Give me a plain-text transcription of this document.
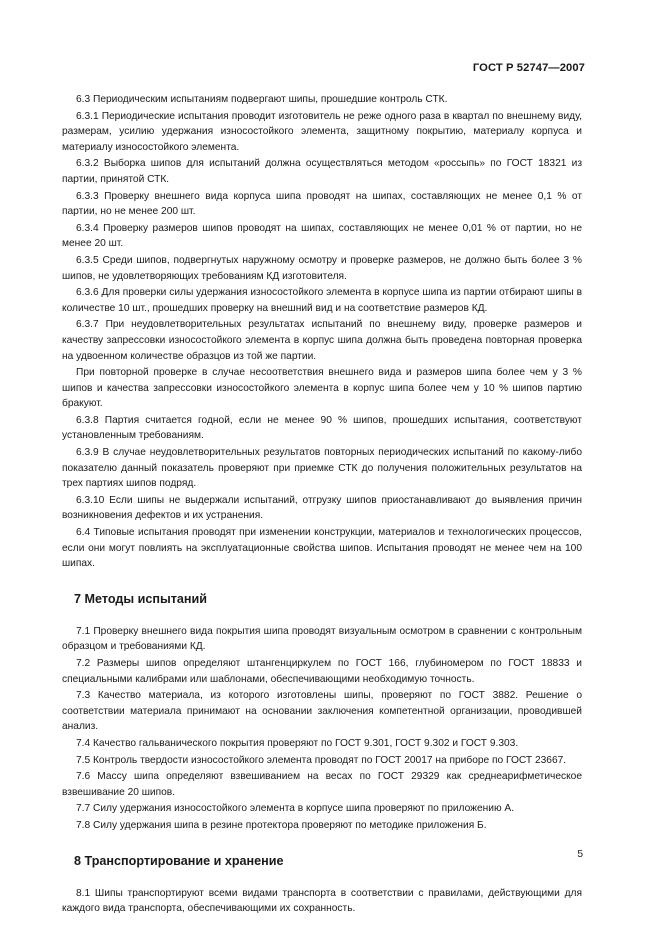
ГОСТ Р 52747—2007

6.3 Периодическим испытаниям подвергают шипы, прошедшие контроль СТК.

6.3.1 Периодические испытания проводит изготовитель не реже одного раза в квартал по внешнему виду, размерам, усилию удержания износостойкого элемента, защитному покрытию, материалу корпуса и материалу износостойкого элемента.

6.3.2 Выборка шипов для испытаний должна осуществляться методом «россыпь» по ГОСТ 18321 из партии, принятой СТК.

6.3.3 Проверку внешнего вида корпуса шипа проводят на шипах, составляющих не менее 0,1 % от партии, но не менее 200 шт.

6.3.4 Проверку размеров шипов проводят на шипах, составляющих не менее 0,01 % от партии, но не менее 20 шт.

6.3.5 Среди шипов, подвергнутых наружному осмотру и проверке размеров, не должно быть более 3 % шипов, не удовлетворяющих требованиям КД изготовителя.

6.3.6 Для проверки силы удержания износостойкого элемента в корпусе шипа из партии отбирают шипы в количестве 10 шт., прошедших проверку на внешний вид и на соответствие размеров КД.

6.3.7 При неудовлетворительных результатах испытаний по внешнему виду, проверке размеров и качеству запрессовки износостойкого элемента в корпус шипа должна быть проведена повторная проверка на удвоенном количестве образцов из той же партии.

При повторной проверке в случае несоответствия внешнего вида и размеров шипа более чем у 3 % шипов и качества запрессовки износостойкого элемента в корпус шипа более чем у 10 % шипов партию бракуют.

6.3.8 Партия считается годной, если не менее 90 % шипов, прошедших испытания, соответствуют установленным требованиям.

6.3.9 В случае неудовлетворительных результатов повторных периодических испытаний по какому-либо показателю данный показатель проверяют при приемке СТК до получения положительных результатов на трех партиях шипов подряд.

6.3.10 Если шипы не выдержали испытаний, отгрузку шипов приостанавливают до выявления причин возникновения дефектов и их устранения.

6.4 Типовые испытания проводят при изменении конструкции, материалов и технологических процессов, если они могут повлиять на эксплуатационные свойства шипов. Испытания проводят не менее чем на 100 шипах.

7 Методы испытаний

7.1 Проверку внешнего вида покрытия шипа проводят визуальным осмотром в сравнении с контрольным образцом и требованиями КД.

7.2 Размеры шипов определяют штангенциркулем по ГОСТ 166, глубиномером по ГОСТ 18833 и специальными калибрами или шаблонами, обеспечивающими необходимую точность.

7.3 Качество материала, из которого изготовлены шипы, проверяют по ГОСТ 3882. Решение о соответствии материала принимают на основании заключения компетентной организации, проводившей анализ.

7.4 Качество гальванического покрытия проверяют по ГОСТ 9.301, ГОСТ 9.302 и ГОСТ 9.303.

7.5 Контроль твердости износостойкого элемента проводят по ГОСТ 20017 на приборе по ГОСТ 23667.

7.6 Массу шипа определяют взвешиванием на весах по ГОСТ 29329 как среднеарифметическое взвешивание 20 шипов.

7.7 Силу удержания износостойкого элемента в корпусе шипа проверяют по приложению А.

7.8 Силу удержания шипа в резине протектора проверяют по методике приложения Б.

8 Транспортирование и хранение

8.1 Шипы транспортируют всеми видами транспорта в соответствии с правилами, действующими для каждого вида транспорта, обеспечивающими их сохранность.

5
